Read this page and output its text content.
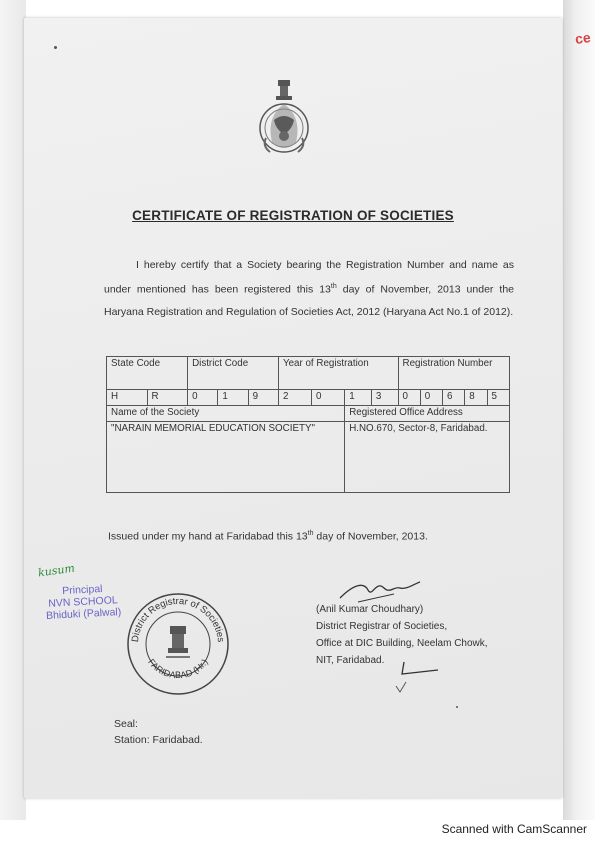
ce
CERTIFICATE OF REGISTRATION OF SOCIETIES
I hereby certify that a Society bearing the Registration Number and name as under mentioned has been registered this 13th day of November, 2013 under the Haryana Registration and Regulation of Societies Act, 2012 (Haryana Act No.1 of 2012).
State Code		District Code			Year of Registration				Registration Number				
H	R	0	1	9	2	0	1	3	0	0	6	8	5
Name of the Society							Registered Office Address						
"NARAIN MEMORIAL EDUCATION SOCIETY"							H.NO.670, Sector-8, Faridabad.						
Issued under my hand at Faridabad this 13th day of November, 2013.
kusum
Principal
NVN SCHOOL
Bhiduki (Palwal)
District Registrar of Societies
FARIDABAD (Hr.)
(Anil Kumar Choudhary)
District Registrar of Societies,
Office at DIC Building, Neelam Chowk,
NIT, Faridabad.
Seal:
Station: Faridabad.
Scanned with CamScanner
